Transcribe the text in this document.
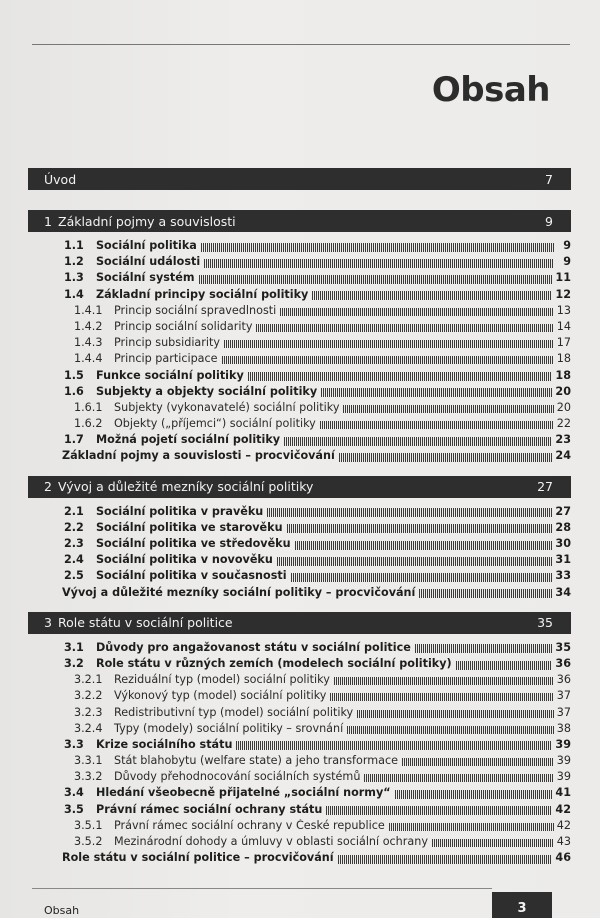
Obsah
Úvod	7
1 Základní pojmy a souvislosti	9
1.1	Sociální politika	9
1.2	Sociální události	9
1.3	Sociální systém	11
1.4	Základní principy sociální politiky	12
1.4.1	Princip sociální spravedlnosti	13
1.4.2	Princip sociální solidarity	14
1.4.3	Princip subsidiarity	17
1.4.4	Princip participace	18
1.5	Funkce sociální politiky	18
1.6	Subjekty a objekty sociální politiky	20
1.6.1	Subjekty (vykonavatelé) sociální politiky	20
1.6.2	Objekty („příjemci“) sociální politiky	22
1.7	Možná pojetí sociální politiky	23
Základní pojmy a souvislosti – procvičování	24
2 Vývoj a důležité mezníky sociální politiky	27
2.1	Sociální politika v pravěku	27
2.2	Sociální politika ve starověku	28
2.3	Sociální politika ve středověku	30
2.4	Sociální politika v novověku	31
2.5	Sociální politika v současnosti	33
Vývoj a důležité mezníky sociální politiky – procvičování	34
3 Role státu v sociální politice	35
3.1	Důvody pro angažovanost státu v sociální politice	35
3.2	Role státu v různých zemích (modelech sociální politiky)	36
3.2.1	Reziduální typ (model) sociální politiky	36
3.2.2	Výkonový typ (model) sociální politiky	37
3.2.3	Redistributivní typ (model) sociální politiky	37
3.2.4	Typy (modely) sociální politiky – srovnání	38
3.3	Krize sociálního státu	39
3.3.1	Stát blahobytu (welfare state) a jeho transformace	39
3.3.2	Důvody přehodnocování sociálních systémů	39
3.4	Hledání všeobecně přijatelné „sociální normy“	41
3.5	Právní rámec sociální ochrany státu	42
3.5.1	Právní rámec sociální ochrany v České republice	42
3.5.2	Mezinárodní dohody a úmluvy v oblasti sociální ochrany	43
Role státu v sociální politice – procvičování	46
Obsah	3
